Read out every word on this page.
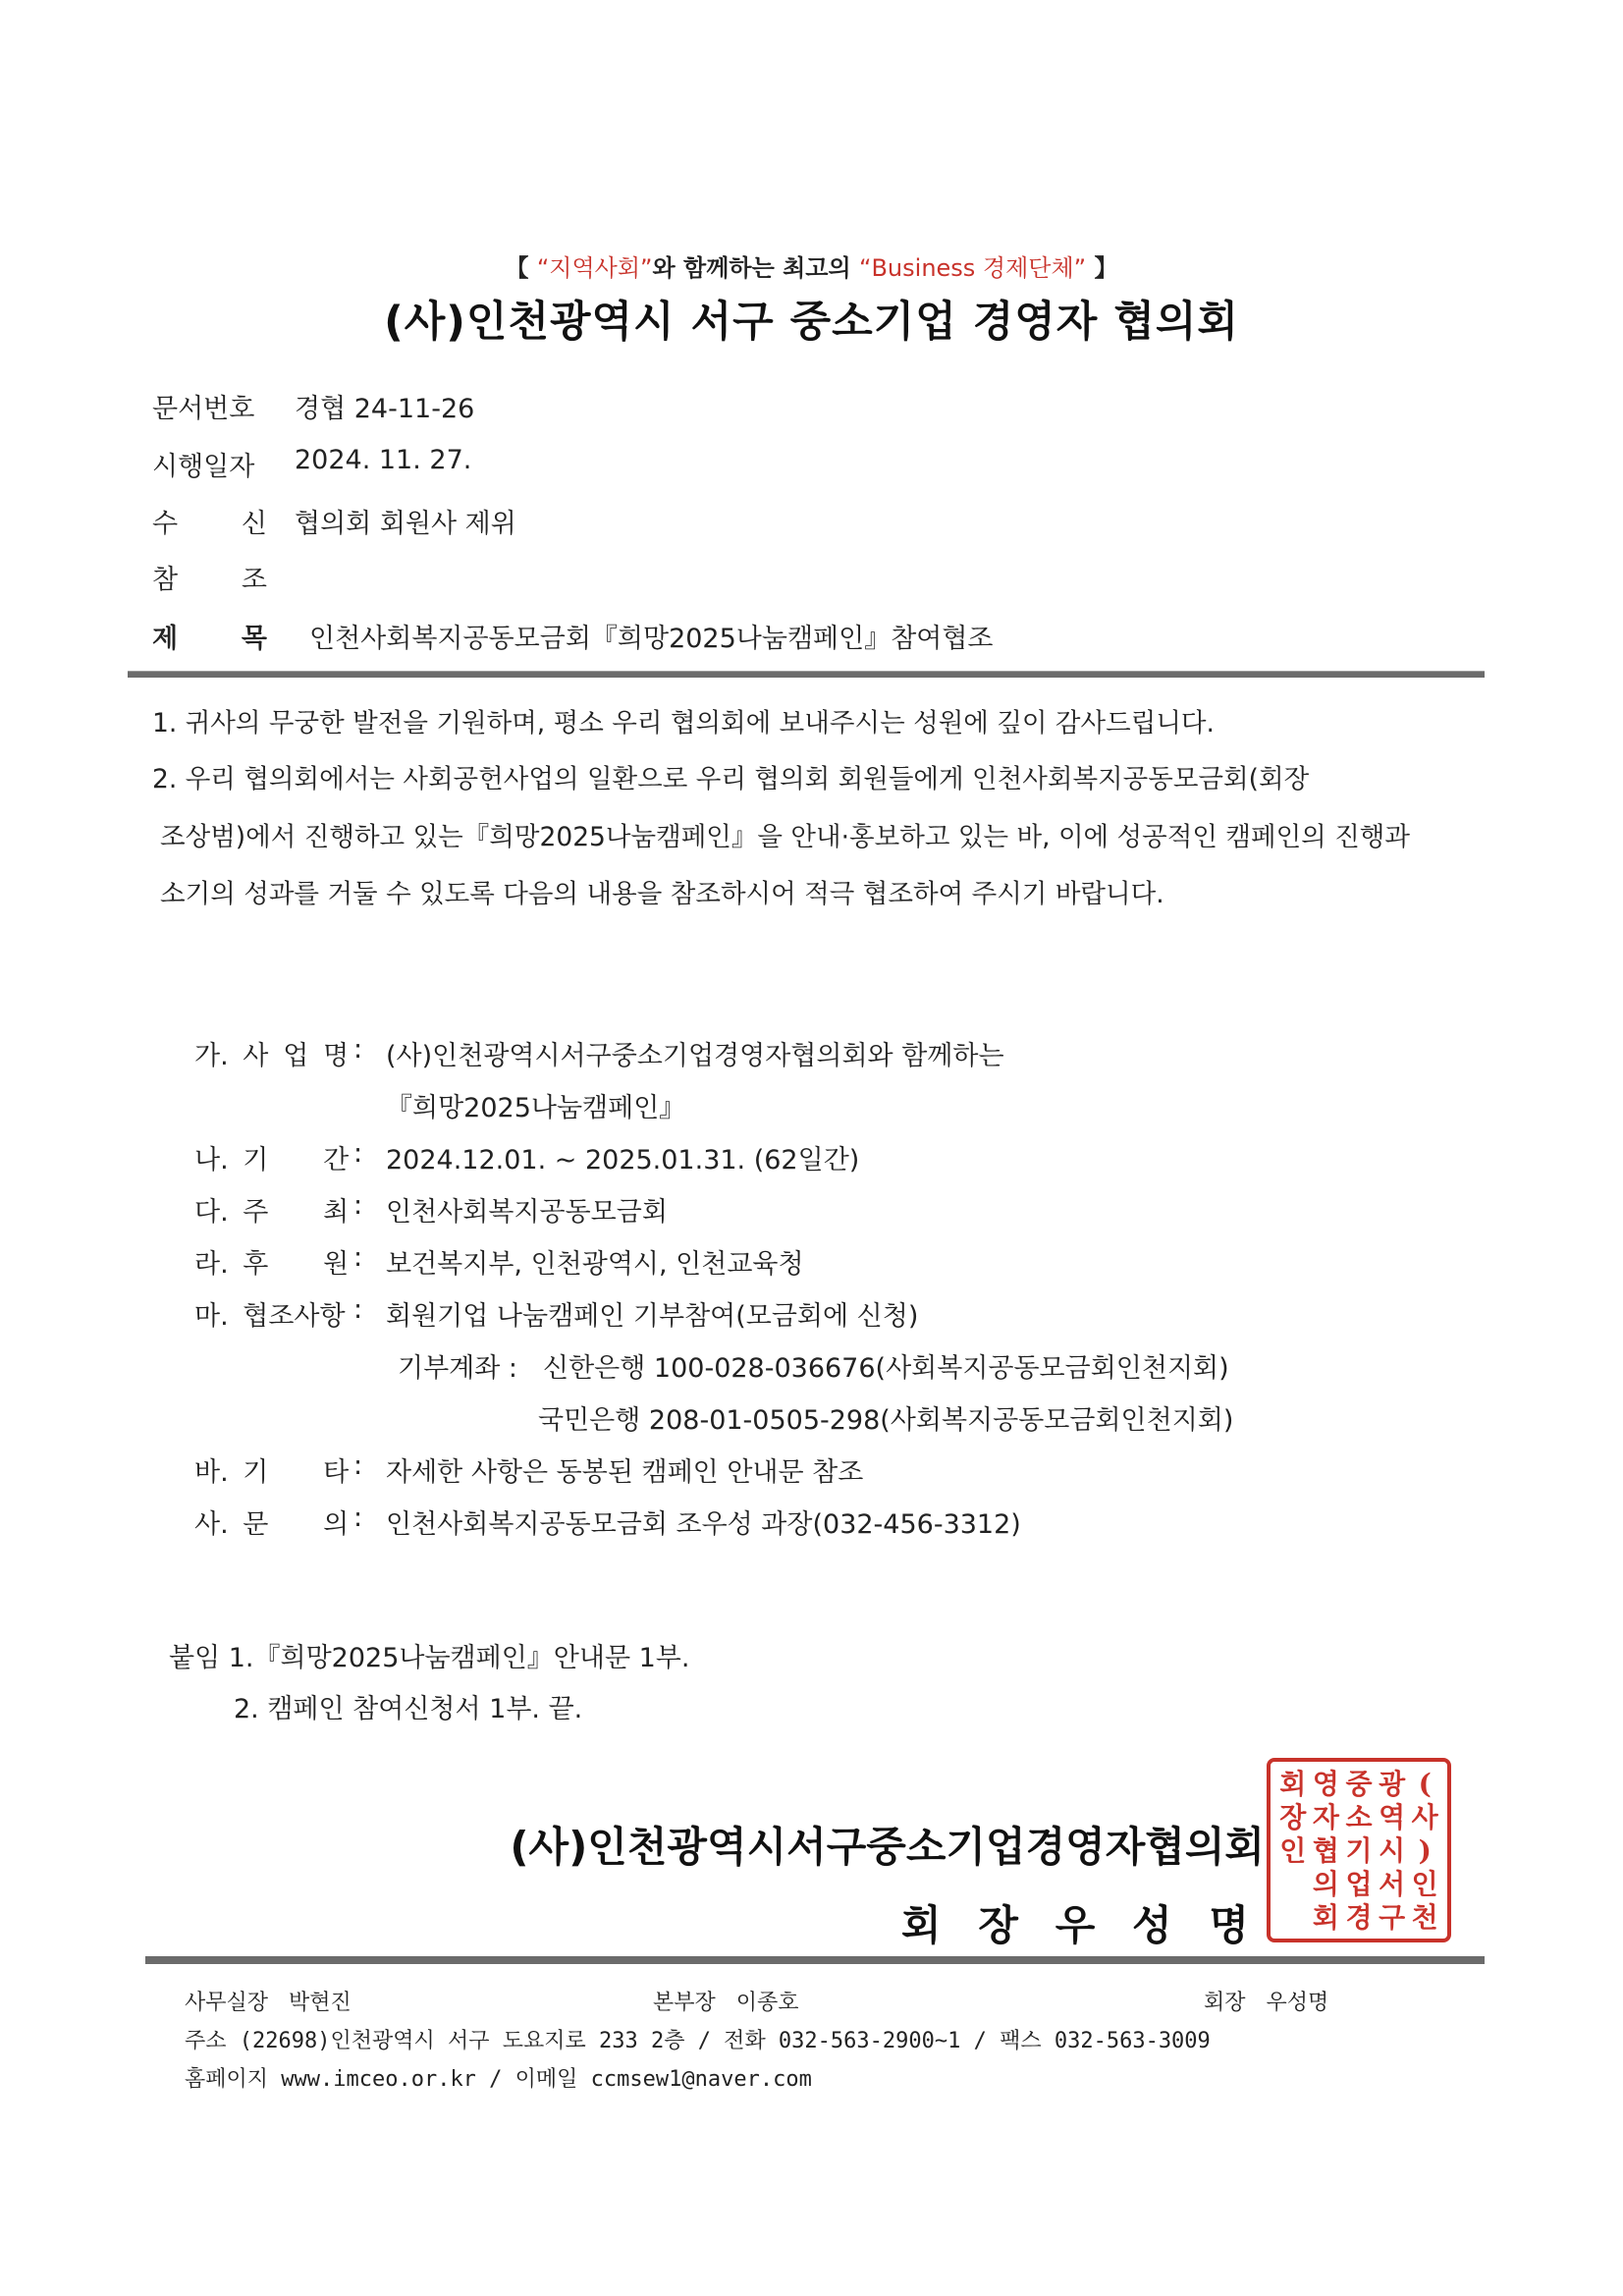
【 “지역사회”와 함께하는 최고의 “Business 경제단체” 】
(사)인천광역시 서구 중소기업 경영자 협의회
문서번호 경협 24-11-26
시행일자 2024. 11. 27.
수 신 협의회 회원사 제위
참 조
제 목 인천사회복지공동모금회『희망2025나눔캠페인』참여협조
1. 귀사의 무궁한 발전을 기원하며, 평소 우리 협의회에 보내주시는 성원에 깊이 감사드립니다.
2. 우리 협의회에서는 사회공헌사업의 일환으로 우리 협의회 회원들에게 인천사회복지공동모금회(회장
조상범)에서 진행하고 있는『희망2025나눔캠페인』을 안내·홍보하고 있는 바, 이에 성공적인 캠페인의 진행과
소기의 성과를 거둘 수 있도록 다음의 내용을 참조하시어 적극 협조하여 주시기 바랍니다.
가. 사 업 명 : (사)인천광역시서구중소기업경영자협의회와 함께하는
『희망2025나눔캠페인』
나. 기 간 : 2024.12.01. ~ 2025.01.31. (62일간)
다. 주 최 : 인천사회복지공동모금회
라. 후 원 : 보건복지부, 인천광역시, 인천교육청
마. 협조사항 : 회원기업 나눔캠페인 기부참여(모금회에 신청)
기부계좌 : 신한은행 100-028-036676(사회복지공동모금회인천지회)
국민은행 208-01-0505-298(사회복지공동모금회인천지회)
바. 기 타 : 자세한 사항은 동봉된 캠페인 안내문 참조
사. 문 의 : 인천사회복지공동모금회 조우성 과장(032-456-3312)
붙임 1.『희망2025나눔캠페인』안내문 1부.
2. 캠페인 참여신청서 1부. 끝.
(사)인천광역시서구중소기업경영자협의회
회 장 우 성 명
회 영 중 광 (
장 자 소 역 사
인 협 기 시 )
의 업 서 인
회 경 구 천
사무실장 박현진	본부장 이종호	회장 우성명
주소 (22698)인천광역시 서구 도요지로 233 2층 / 전화 032-563-2900~1 / 팩스 032-563-3009
홈페이지 www.imceo.or.kr / 이메일 ccmsew1@naver.com
